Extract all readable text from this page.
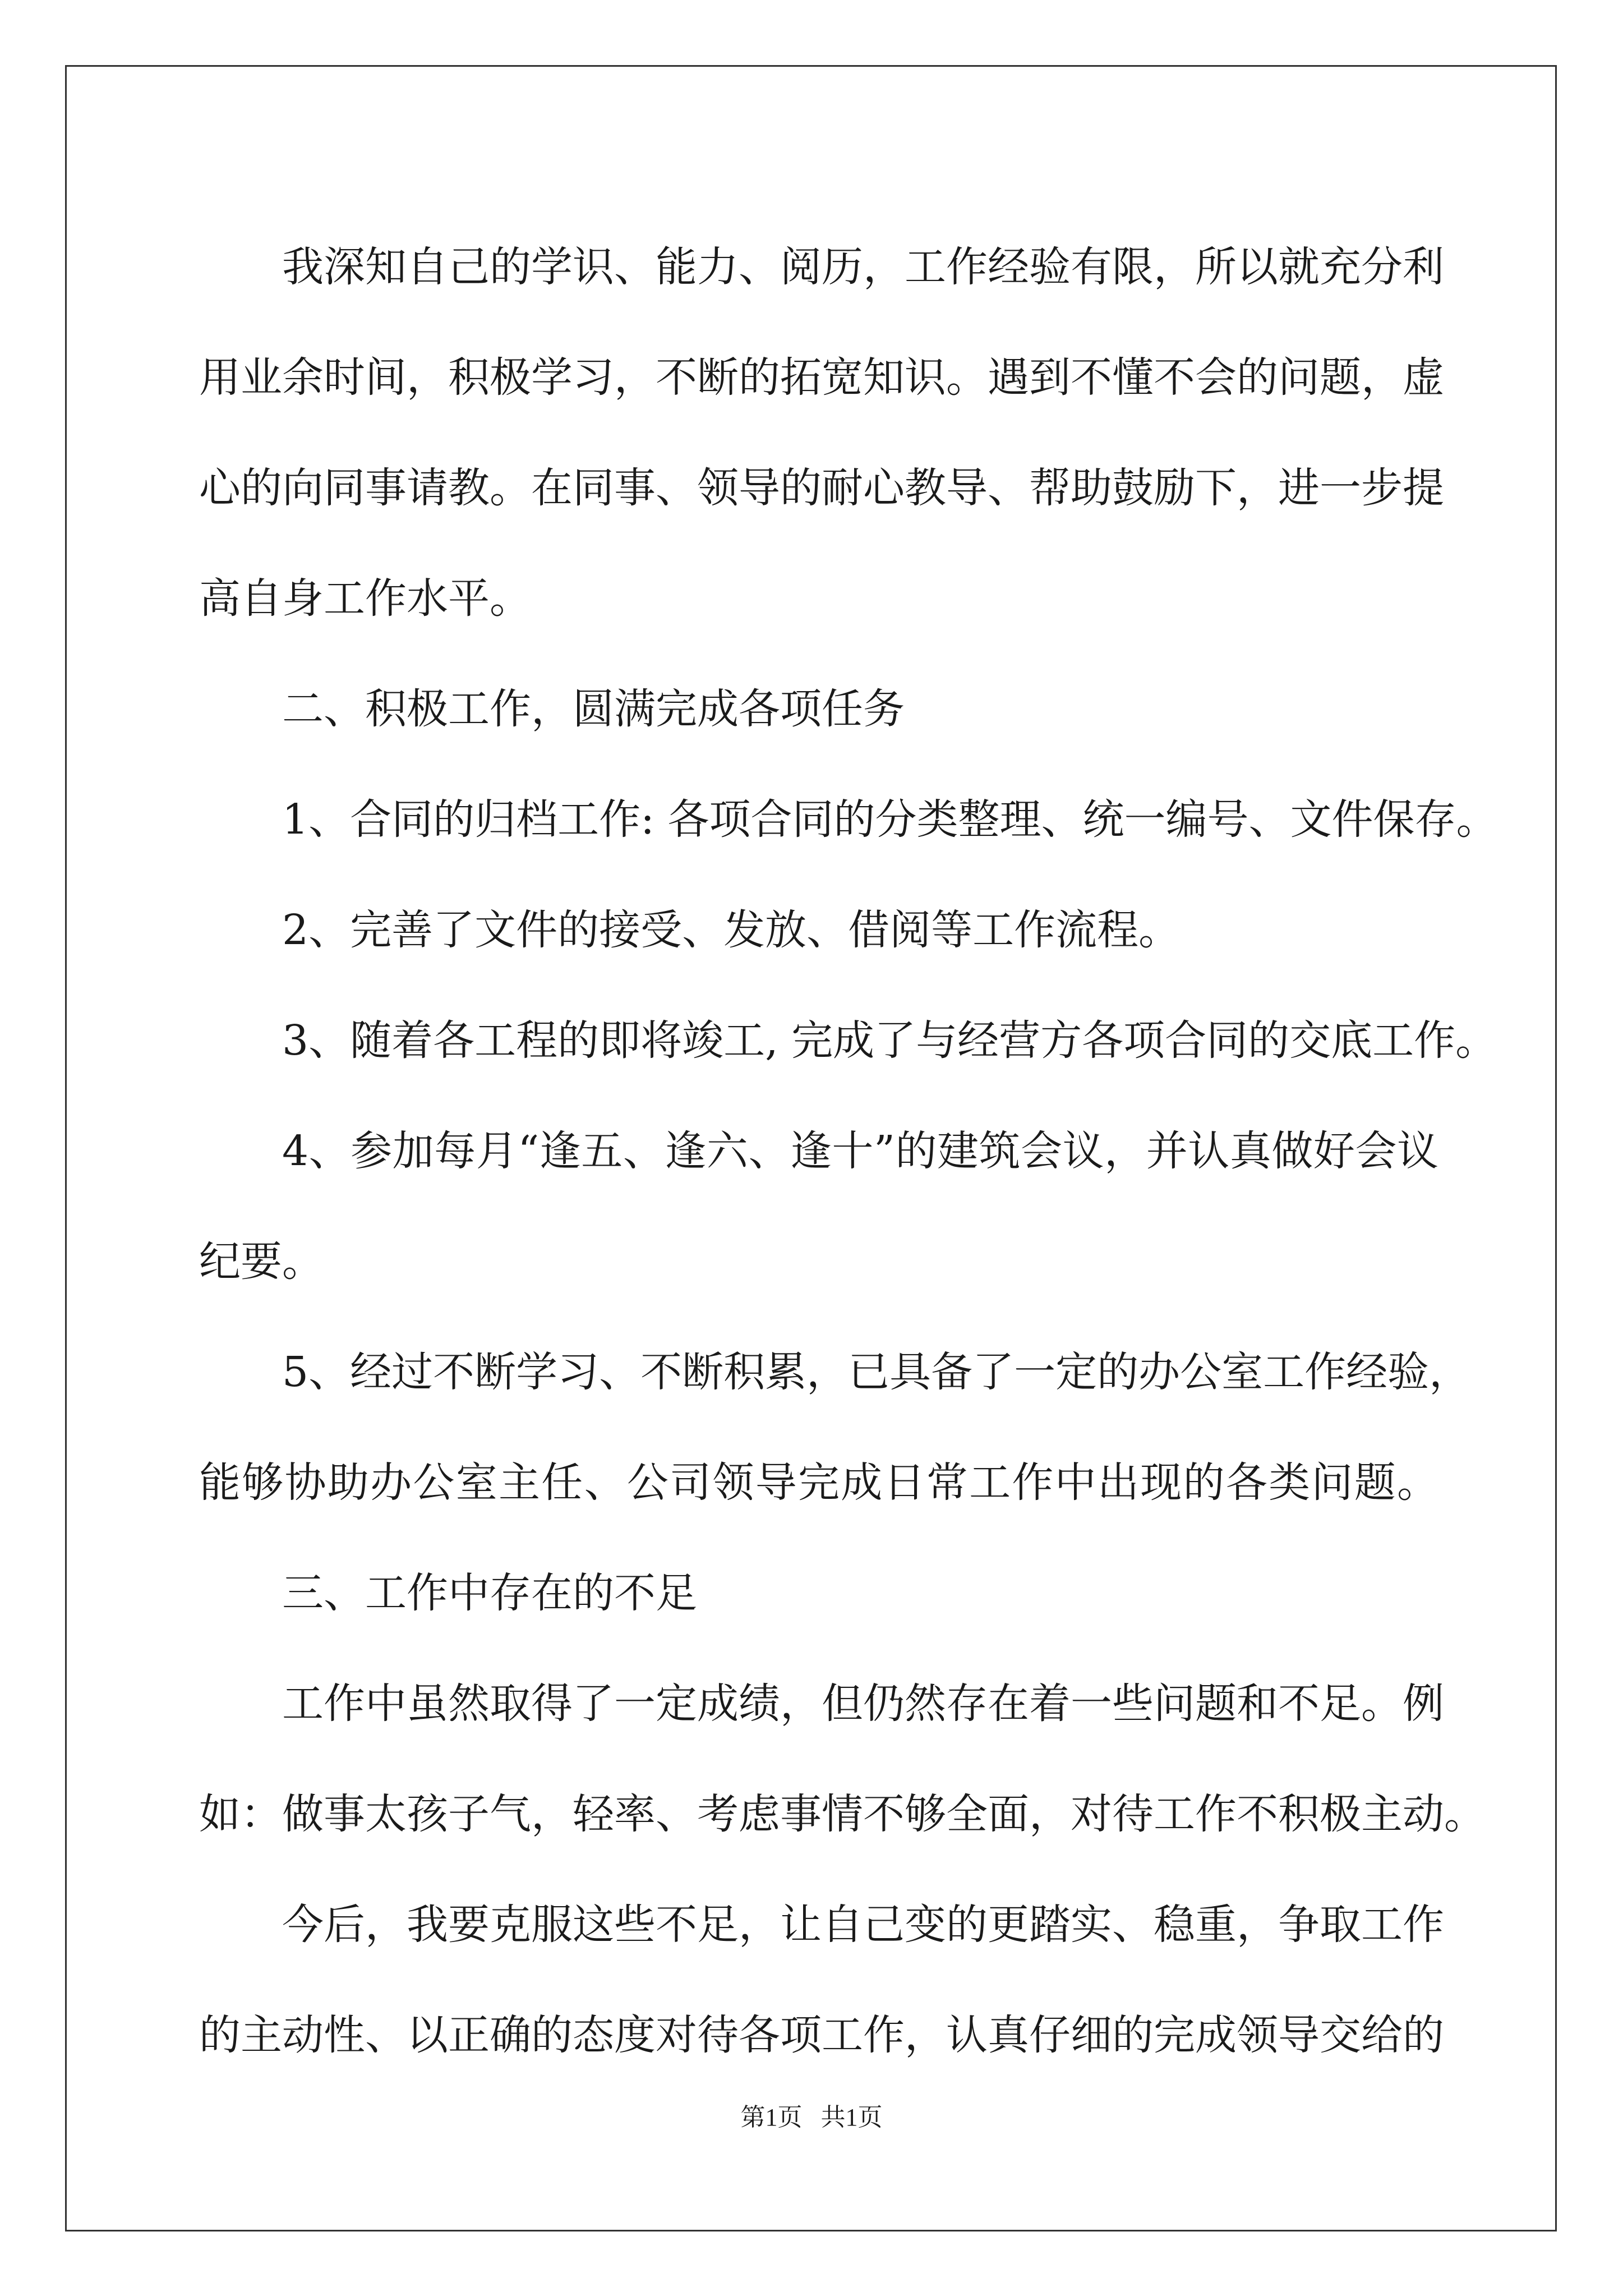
我深知自己的学识、能力、阅历，工作经验有限，所以就充分利
用业余时间，积极学习，不断的拓宽知识。遇到不懂不会的问题，虚
心的向同事请教。在同事、领导的耐心教导、帮助鼓励下，进一步提
高自身工作水平。
二、积极工作，圆满完成各项任务
1、合同的归档工作: 各项合同的分类整理、统一编号、文件保存。
2、完善了文件的接受、发放、借阅等工作流程。
3、随着各工程的即将竣工, 完成了与经营方各项合同的交底工作。
4、参加每月“逢五、逢六、逢十”的建筑会议，并认真做好会议
纪要。
5、经过不断学习、不断积累，已具备了一定的办公室工作经验，
能够协助办公室主任、公司领导完成日常工作中出现的各类问题。
三、工作中存在的不足
工作中虽然取得了一定成绩，但仍然存在着一些问题和不足。例
如：做事太孩子气，轻率、考虑事情不够全面，对待工作不积极主动。
今后，我要克服这些不足，让自己变的更踏实、稳重，争取工作
的主动性、以正确的态度对待各项工作，认真仔细的完成领导交给的
第1页   共1页
